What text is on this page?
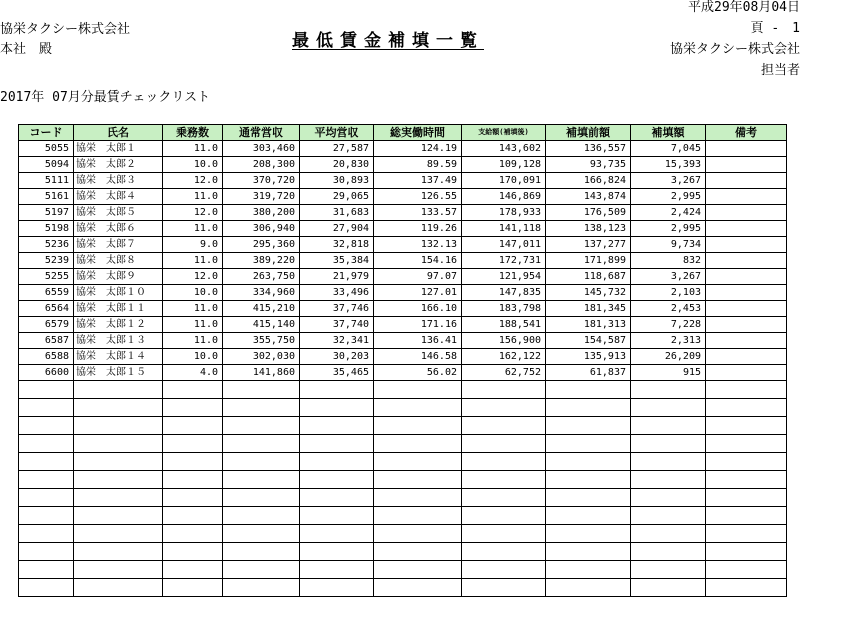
平成29年08月04日
協栄タクシー株式会社
本社　殿	最低賃金補填一覧
頁 -　1
協栄タクシー株式会社
担当者
2017年 07月分最賃チェックリスト
コード	氏名	乗務数	通常営収	平均営収	総実働時間	支給額(補填後)	補填前額	補填額	備考
5055	協栄　太郎１	11.0	303,460	27,587	124.19	143,602	136,557	7,045	
5094	協栄　太郎２	10.0	208,300	20,830	89.59	109,128	93,735	15,393	
5111	協栄　太郎３	12.0	370,720	30,893	137.49	170,091	166,824	3,267	
5161	協栄　太郎４	11.0	319,720	29,065	126.55	146,869	143,874	2,995	
5197	協栄　太郎５	12.0	380,200	31,683	133.57	178,933	176,509	2,424	
5198	協栄　太郎６	11.0	306,940	27,904	119.26	141,118	138,123	2,995	
5236	協栄　太郎７	9.0	295,360	32,818	132.13	147,011	137,277	9,734	
5239	協栄　太郎８	11.0	389,220	35,384	154.16	172,731	171,899	832	
5255	協栄　太郎９	12.0	263,750	21,979	97.07	121,954	118,687	3,267	
6559	協栄　太郎１０	10.0	334,960	33,496	127.01	147,835	145,732	2,103	
6564	協栄　太郎１１	11.0	415,210	37,746	166.10	183,798	181,345	2,453	
6579	協栄　太郎１２	11.0	415,140	37,740	171.16	188,541	181,313	7,228	
6587	協栄　太郎１３	11.0	355,750	32,341	136.41	156,900	154,587	2,313	
6588	協栄　太郎１４	10.0	302,030	30,203	146.58	162,122	135,913	26,209	
6600	協栄　太郎１５	4.0	141,860	35,465	56.02	62,752	61,837	915	
